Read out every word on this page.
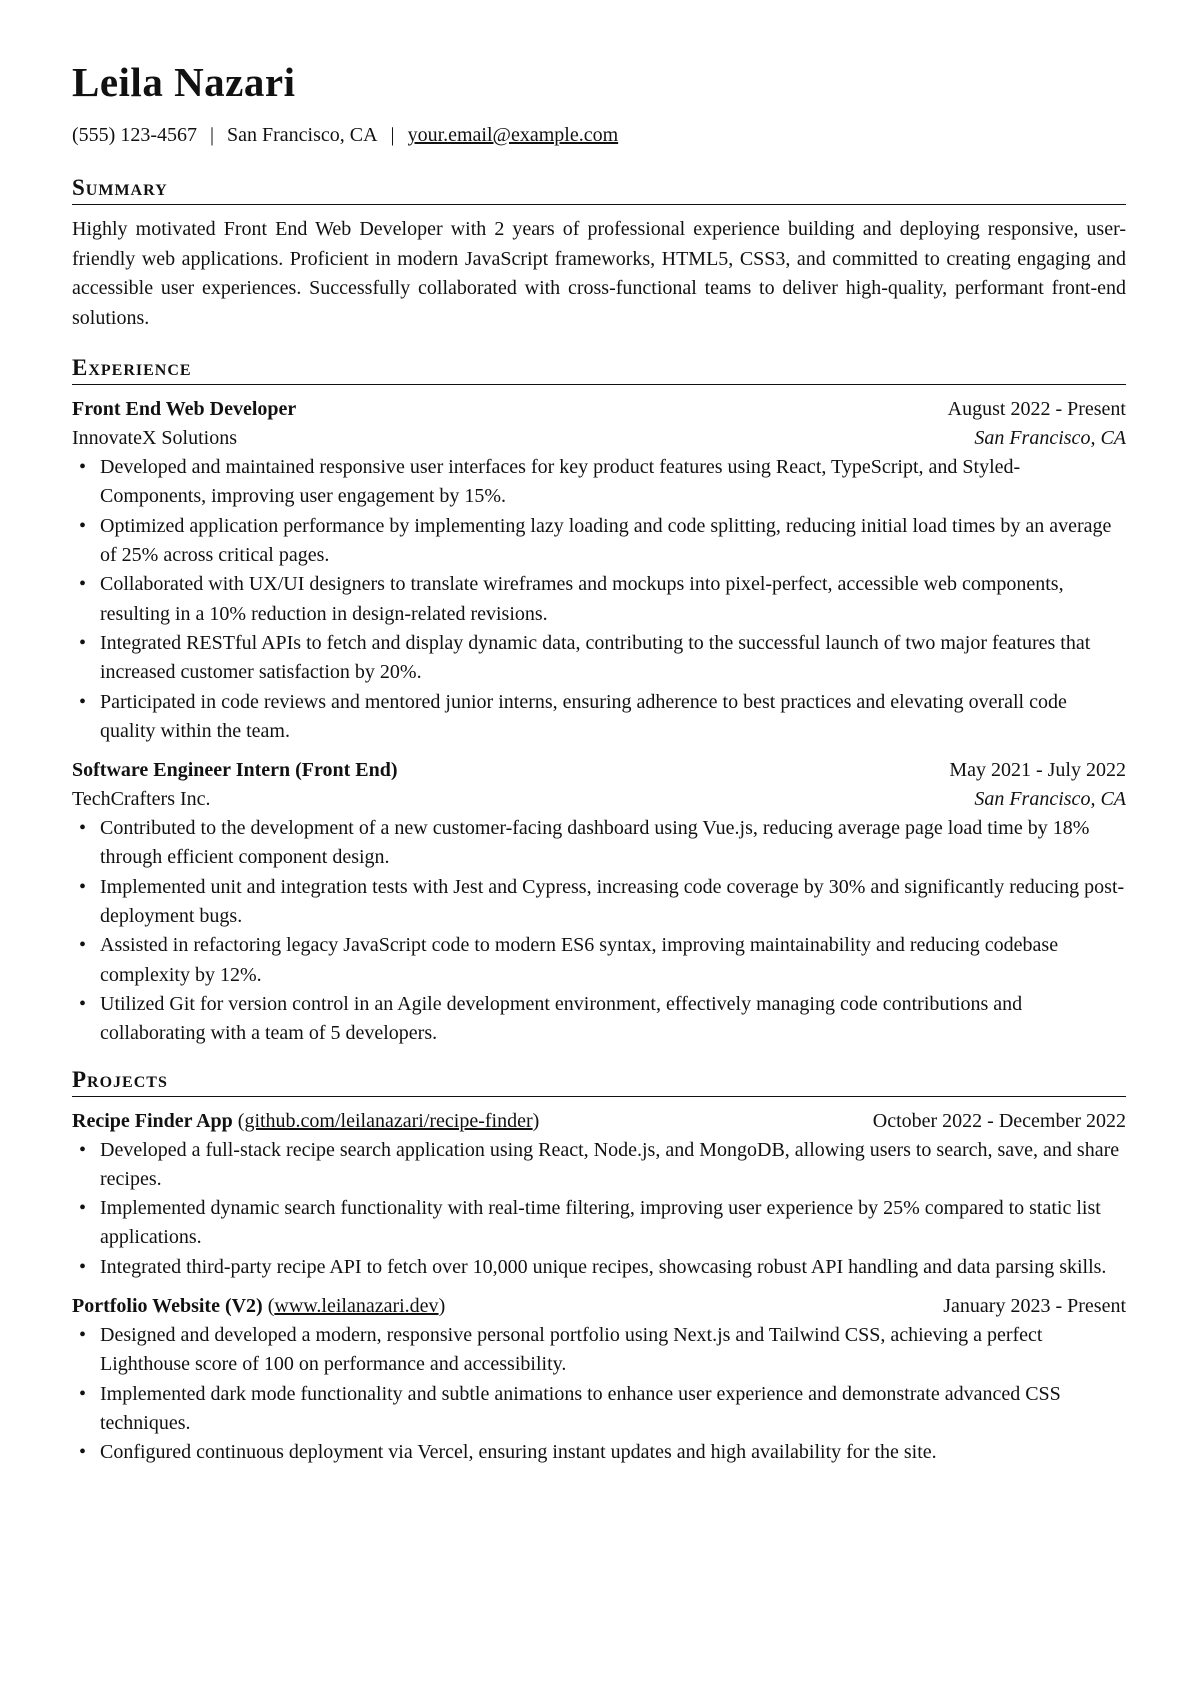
Leila Nazari
(555) 123-4567 | San Francisco, CA | your.email@example.com
Summary
Highly motivated Front End Web Developer with 2 years of professional experience building and deploying responsive, user-friendly web applications. Proficient in modern JavaScript frameworks, HTML5, CSS3, and committed to creating engaging and accessible user experiences. Successfully collaborated with cross-functional teams to deliver high-quality, performant front-end solutions.
Experience
Front End Web Developer	August 2022 - Present
InnovateX Solutions	San Francisco, CA
• Developed and maintained responsive user interfaces for key product features using React, TypeScript, and Styled-Components, improving user engagement by 15%.
• Optimized application performance by implementing lazy loading and code splitting, reducing initial load times by an average of 25% across critical pages.
• Collaborated with UX/UI designers to translate wireframes and mockups into pixel-perfect, accessible web components, resulting in a 10% reduction in design-related revisions.
• Integrated RESTful APIs to fetch and display dynamic data, contributing to the successful launch of two major features that increased customer satisfaction by 20%.
• Participated in code reviews and mentored junior interns, ensuring adherence to best practices and elevating overall code quality within the team.
Software Engineer Intern (Front End)	May 2021 - July 2022
TechCrafters Inc.	San Francisco, CA
• Contributed to the development of a new customer-facing dashboard using Vue.js, reducing average page load time by 18% through efficient component design.
• Implemented unit and integration tests with Jest and Cypress, increasing code coverage by 30% and significantly reducing post-deployment bugs.
• Assisted in refactoring legacy JavaScript code to modern ES6 syntax, improving maintainability and reducing codebase complexity by 12%.
• Utilized Git for version control in an Agile development environment, effectively managing code contributions and collaborating with a team of 5 developers.
Projects
Recipe Finder App (github.com/leilanazari/recipe-finder)	October 2022 - December 2022
• Developed a full-stack recipe search application using React, Node.js, and MongoDB, allowing users to search, save, and share recipes.
• Implemented dynamic search functionality with real-time filtering, improving user experience by 25% compared to static list applications.
• Integrated third-party recipe API to fetch over 10,000 unique recipes, showcasing robust API handling and data parsing skills.
Portfolio Website (V2) (www.leilanazari.dev)	January 2023 - Present
• Designed and developed a modern, responsive personal portfolio using Next.js and Tailwind CSS, achieving a perfect Lighthouse score of 100 on performance and accessibility.
• Implemented dark mode functionality and subtle animations to enhance user experience and demonstrate advanced CSS techniques.
• Configured continuous deployment via Vercel, ensuring instant updates and high availability for the site.
